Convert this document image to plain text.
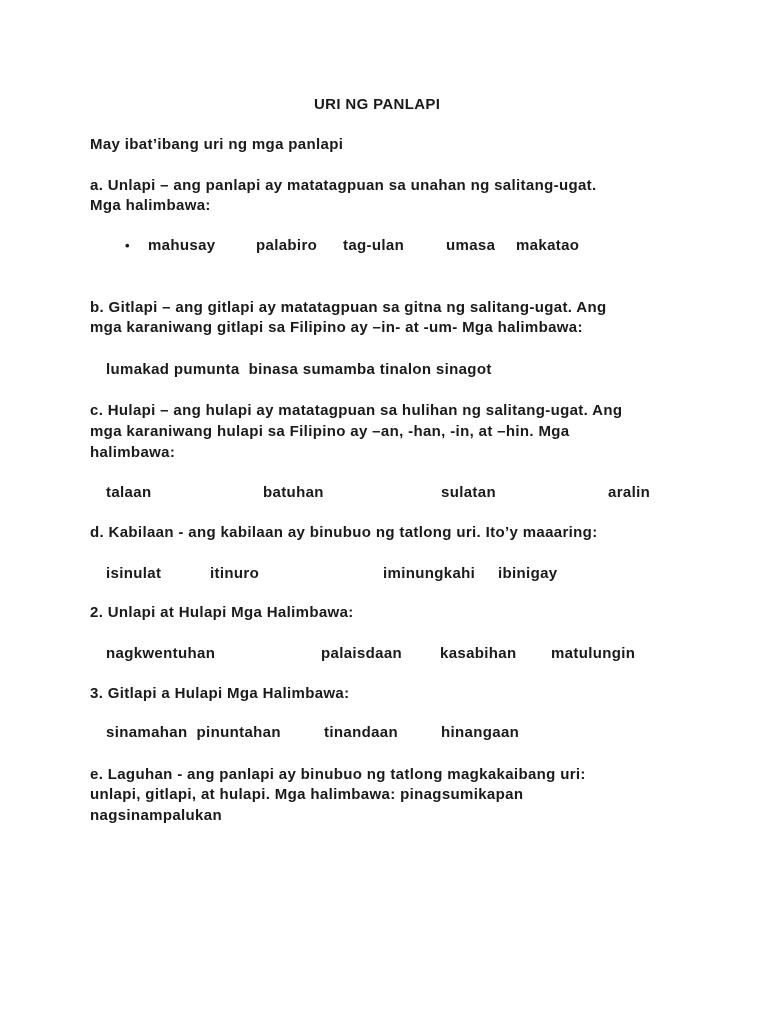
URI NG PANLAPI
May ibat’ibang uri ng mga panlapi
a. Unlapi – ang panlapi ay matatagpuan sa unahan ng salitang-ugat.
Mga halimbawa:
• mahusay	palabiro tag-ulan	umasa makatao
b. Gitlapi – ang gitlapi ay matatagpuan sa gitna ng salitang-ugat. Ang
mga karaniwang gitlapi sa Filipino ay –in- at -um- Mga halimbawa:
lumakad pumunta  binasa sumamba tinalon sinagot
c. Hulapi – ang hulapi ay matatagpuan sa hulihan ng salitang-ugat. Ang
mga karaniwang hulapi sa Filipino ay –an, -han, -in, at –hin. Mga
halimbawa:
talaan	batuhan	sulatan	aralin
d. Kabilaan - ang kabilaan ay binubuo ng tatlong uri. Ito’y maaaring:
isinulat	itinuro	iminungkahi ibinigay
2. Unlapi at Hulapi Mga Halimbawa:
nagkwentuhan	palaisdaan	kasabihan matulungin
3. Gitlapi a Hulapi Mga Halimbawa:
sinamahan  pinuntahan	tinandaan	hinangaan
e. Laguhan - ang panlapi ay binubuo ng tatlong magkakaibang uri:
unlapi, gitlapi, at hulapi. Mga halimbawa: pinagsumikapan
nagsinampalukan
